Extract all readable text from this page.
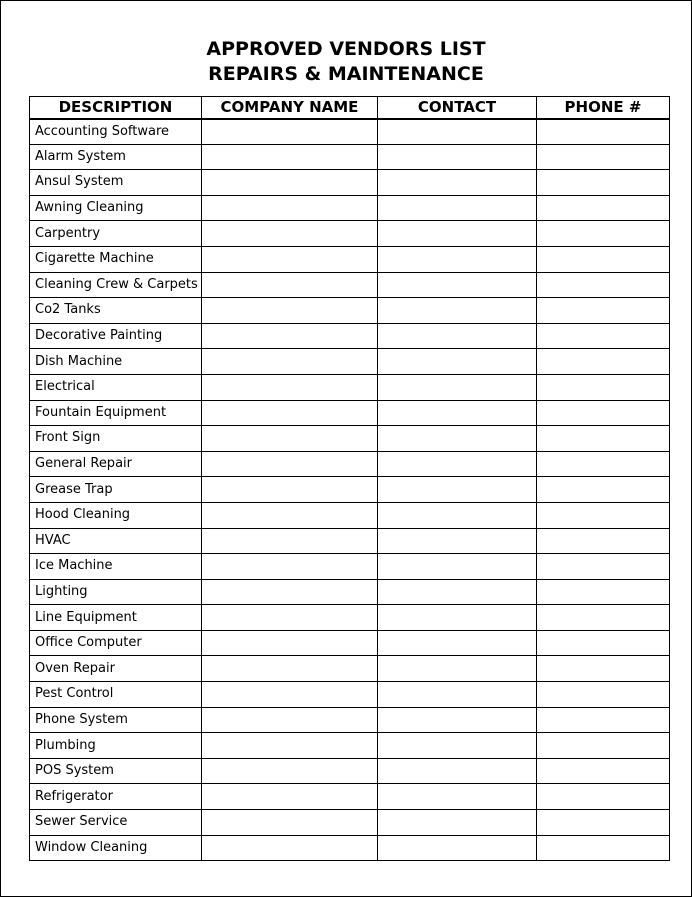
APPROVED VENDORS LIST
REPAIRS & MAINTENANCE
DESCRIPTION	COMPANY NAME	CONTACT	PHONE #
Accounting Software			
Alarm System			
Ansul System			
Awning Cleaning			
Carpentry			
Cigarette Machine			
Cleaning Crew & Carpets			
Co2 Tanks			
Decorative Painting			
Dish Machine			
Electrical			
Fountain Equipment			
Front Sign			
General Repair			
Grease Trap			
Hood Cleaning			
HVAC			
Ice Machine			
Lighting			
Line Equipment			
Office Computer			
Oven Repair			
Pest Control			
Phone System			
Plumbing			
POS System			
Refrigerator			
Sewer Service			
Window Cleaning			
